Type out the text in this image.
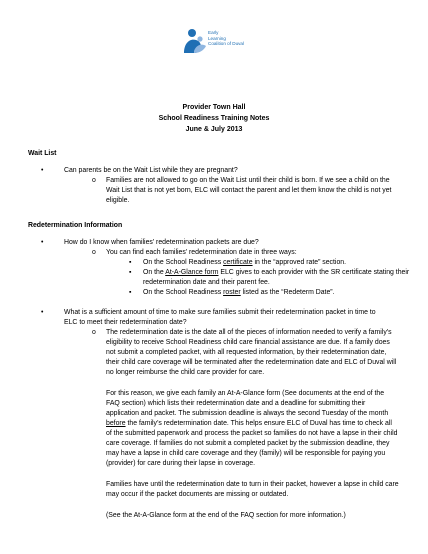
Early
Learning
Coalition of Duval
Provider Town Hall
School Readiness Training Notes
June & July 2013
Wait List
•	Can parents be on the Wait List while they are pregnant?
o Families are not allowed to go on the Wait List until their child is born. If we see a child on the
Wait List that is not yet born, ELC will contact the parent and let them know the child is not yet
eligible.
Redetermination Information
•	How do I know when families’ redetermination packets are due?
o You can find each families’ redetermination date in three ways:
▪ On the School Readiness certificate in the “approved rate” section.
▪ On the At-A-Glance form ELC gives to each provider with the SR certificate stating their
redetermination date and their parent fee.
▪ On the School Readiness roster listed as the “Redeterm Date”.
•	What is a sufficient amount of time to make sure families submit their redetermination packet in time to
ELC to meet their redetermination date?
o The redetermination date is the date all of the pieces of information needed to verify a family’s
eligibility to receive School Readiness child care financial assistance are due. If a family does
not submit a completed packet, with all requested information, by their redetermination date,
their child care coverage will be terminated after the redetermination date and ELC of Duval will
no longer reimburse the child care provider for care.
For this reason, we give each family an At-A-Glance form (See documents at the end of the
FAQ section) which lists their redetermination date and a deadline for submitting their
application and packet. The submission deadline is always the second Tuesday of the month
before the family’s redetermination date. This helps ensure ELC of Duval has time to check all
of the submitted paperwork and process the packet so families do not have a lapse in their child
care coverage. If families do not submit a completed packet by the submission deadline, they
may have a lapse in child care coverage and they (family) will be responsible for paying you
(provider) for care during their lapse in coverage.
Families have until the redetermination date to turn in their packet, however a lapse in child care
may occur if the packet documents are missing or outdated.
(See the At-A-Glance form at the end of the FAQ section for more information.)
